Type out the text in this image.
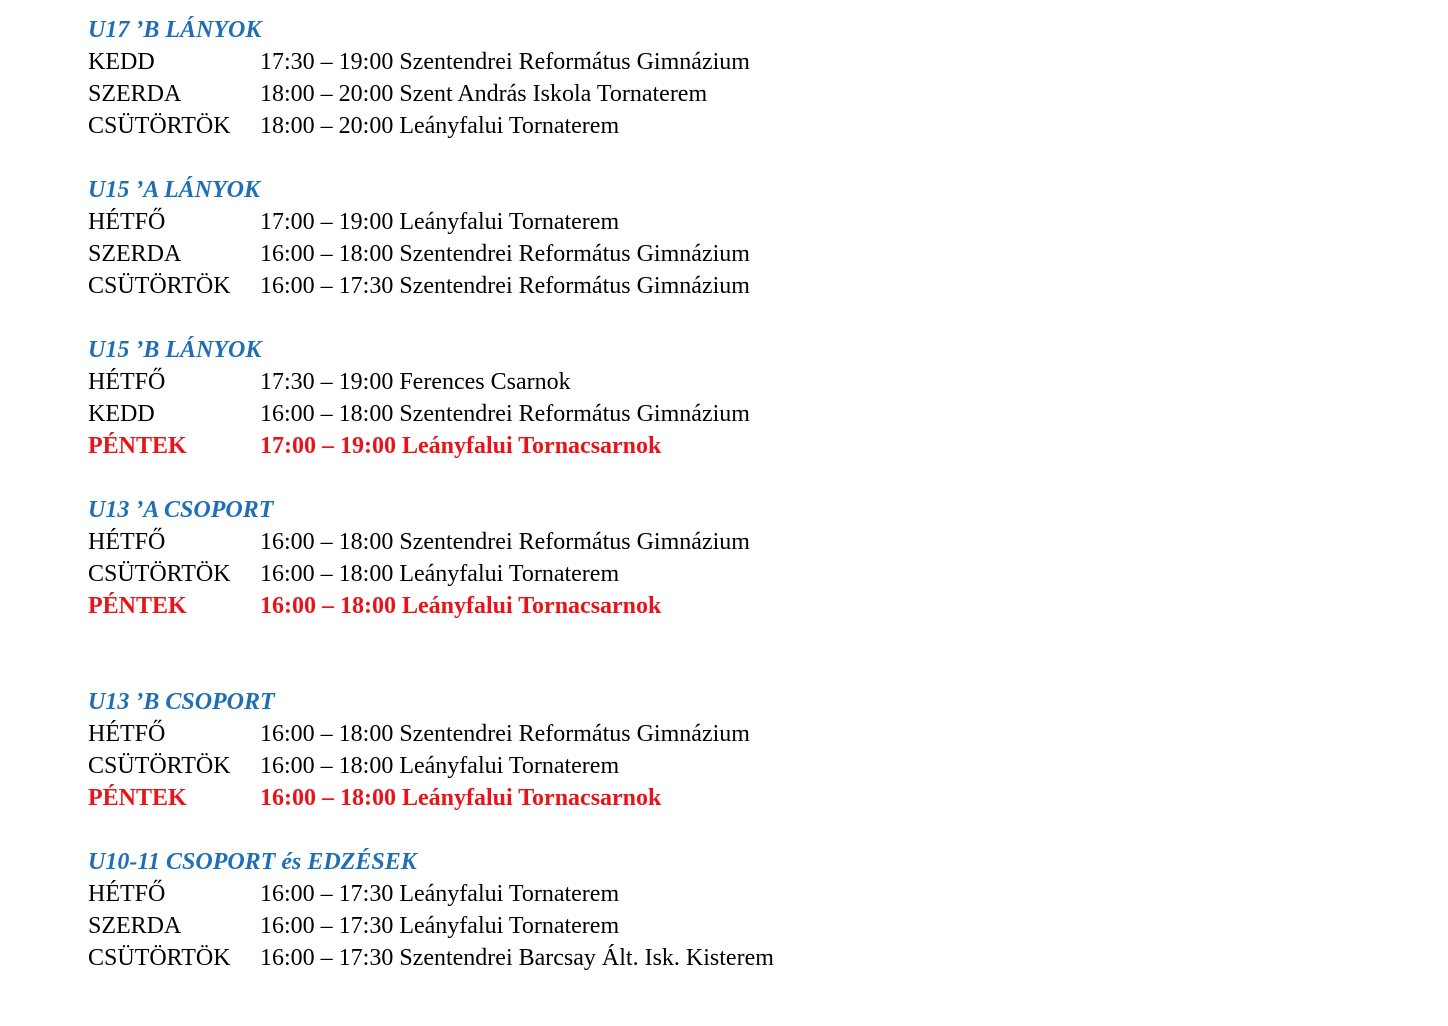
U17 ’B LÁNYOK
KEDD	17:30 – 19:00 Szentendrei Református Gimnázium
SZERDA	18:00 – 20:00 Szent András Iskola Tornaterem
CSÜTÖRTÖK	18:00 – 20:00 Leányfalui Tornaterem
U15 ’A LÁNYOK
HÉTFŐ	17:00 – 19:00 Leányfalui Tornaterem
SZERDA	16:00 – 18:00 Szentendrei Református Gimnázium
CSÜTÖRTÖK	16:00 – 17:30 Szentendrei Református Gimnázium
U15 ’B LÁNYOK
HÉTFŐ	17:30 – 19:00 Ferences Csarnok
KEDD	16:00 – 18:00 Szentendrei Református Gimnázium
PÉNTEK	17:00 – 19:00 Leányfalui Tornacsarnok
U13 ’A CSOPORT
HÉTFŐ	16:00 – 18:00 Szentendrei Református Gimnázium
CSÜTÖRTÖK	16:00 – 18:00 Leányfalui Tornaterem
PÉNTEK	16:00 – 18:00 Leányfalui Tornacsarnok
U13 ’B CSOPORT
HÉTFŐ	16:00 – 18:00 Szentendrei Református Gimnázium
CSÜTÖRTÖK	16:00 – 18:00 Leányfalui Tornaterem
PÉNTEK	16:00 – 18:00 Leányfalui Tornacsarnok
U10-11 CSOPORT és EDZÉSEK
HÉTFŐ	16:00 – 17:30 Leányfalui Tornaterem
SZERDA	16:00 – 17:30 Leányfalui Tornaterem
CSÜTÖRTÖK	16:00 – 17:30 Szentendrei Barcsay Ált. Isk. Kisterem
